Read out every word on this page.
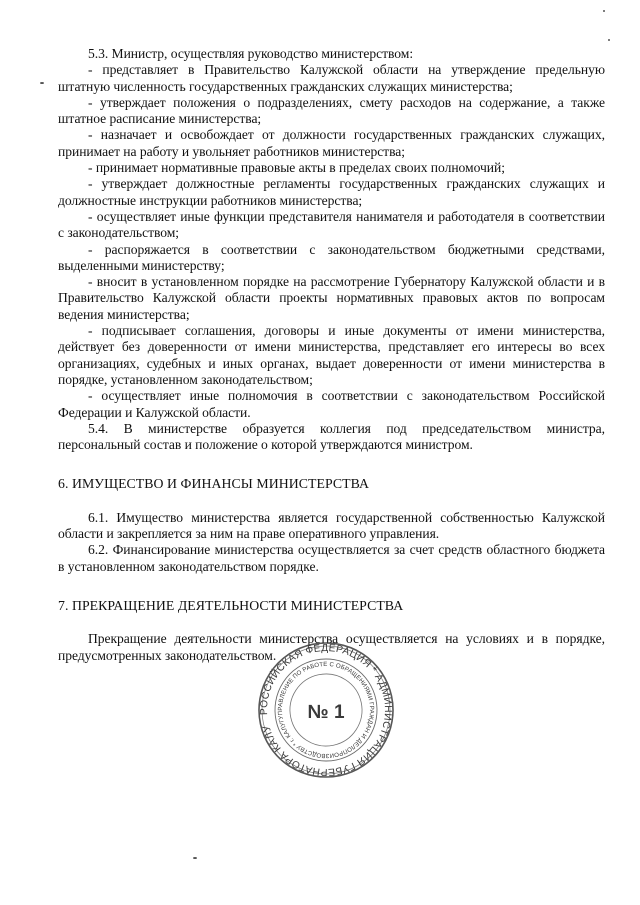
5.3. Министр, осуществляя руководство министерством:

- представляет в Правительство Калужской области на утверждение предельную штатную численность государственных гражданских служащих министерства;

- утверждает положения о подразделениях, смету расходов на содержание, а также штатное расписание министерства;

- назначает и освобождает от должности государственных гражданских служащих, принимает на работу и увольняет работников министерства;

- принимает нормативные правовые акты в пределах своих полномочий;

- утверждает должностные регламенты государственных гражданских служащих и должностные инструкции работников министерства;

- осуществляет иные функции представителя нанимателя и работодателя в соответствии с законодательством;

- распоряжается в соответствии с законодательством бюджетными средствами, выделенными министерству;

- вносит в установленном порядке на рассмотрение Губернатору Калужской области и в Правительство Калужской области проекты нормативных правовых актов по вопросам ведения министерства;

- подписывает соглашения, договоры и иные документы от имени министерства, действует без доверенности от имени министерства, представляет его интересы во всех организациях, судебных и иных органах, выдает доверенности от имени министерства в порядке, установленном законодательством;

- осуществляет иные полномочия в соответствии с законодательством Российской Федерации и Калужской области.

5.4. В министерстве образуется коллегия под председательством министра, персональный состав и положение о которой утверждаются министром.

6. ИМУЩЕСТВО И ФИНАНСЫ МИНИСТЕРСТВА

6.1. Имущество министерства является государственной собственностью Калужской области и закрепляется за ним на праве оперативного управления.

6.2. Финансирование министерства осуществляется за счет средств областного бюджета в установленном законодательством порядке.

7. ПРЕКРАЩЕНИЕ ДЕЯТЕЛЬНОСТИ МИНИСТЕРСТВА

Прекращение деятельности министерства осуществляется на условиях и в порядке, предусмотренных законодательством.

РОССИЙСКАЯ ФЕДЕРАЦИЯ * АДМИНИСТРАЦИЯ ГУБЕРНАТОРА КАЛУЖСКОЙ
УПРАВЛЕНИЕ ПО РАБОТЕ С ОБРАЩЕНИЯМИ ГРАЖДАН И ДЕЛОПРОИЗВОДСТВУ * г. КАЛУГА
№ 1
